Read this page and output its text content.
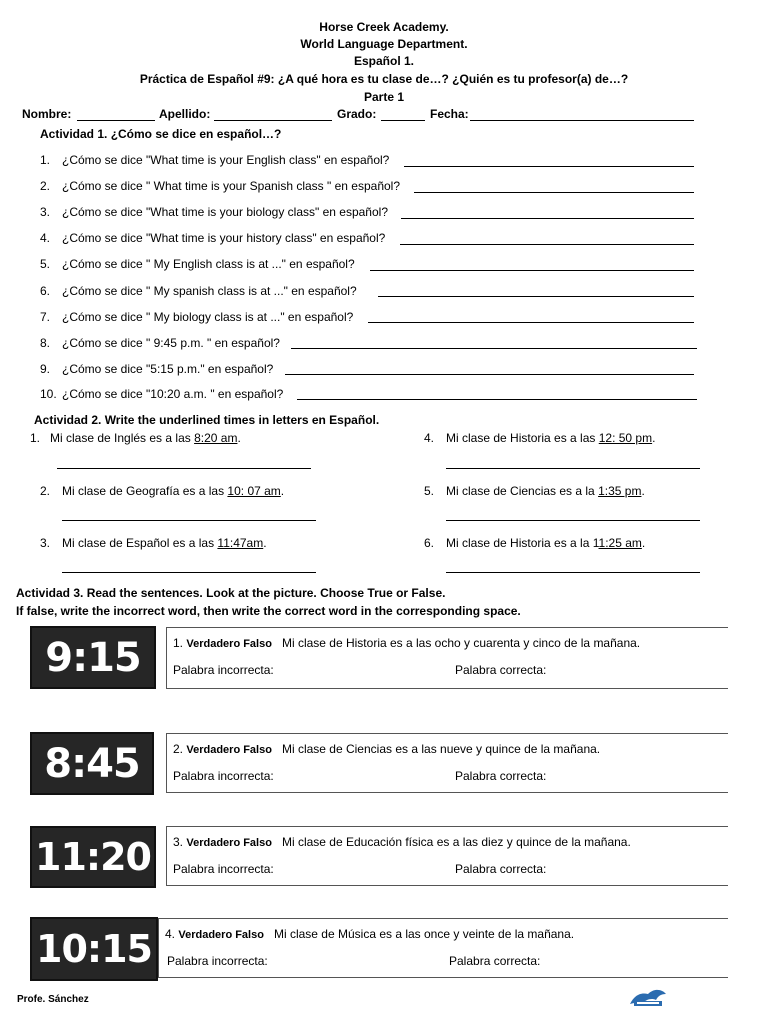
Horse Creek Academy.
World Language Department.
Español 1.
Práctica de Español #9: ¿A qué hora es tu clase de…? ¿Quién es tu profesor(a) de…?
Parte 1
Nombre:	Apellido:	Grado:	Fecha:
Actividad 1. ¿Cómo se dice en español…?
1. ¿Cómo se dice "What time is your English class" en español?
2. ¿Cómo se dice " What time is your Spanish class " en español?
3. ¿Cómo se dice "What time is your biology class" en español?
4. ¿Cómo se dice "What time is your history class" en español?
5. ¿Cómo se dice " My English class is at ..." en español?
6. ¿Cómo se dice " My spanish class is at ..." en español?
7. ¿Cómo se dice " My biology class is at ..." en español?
8. ¿Cómo se dice " 9:45 p.m. " en español?
9. ¿Cómo se dice "5:15 p.m." en español?
10. ¿Cómo se dice "10:20 a.m. " en español?
Actividad 2. Write the underlined times in letters en Español.
1. Mi clase de Inglés es a las 8:20 am.
2. Mi clase de Geografía es a las 10: 07 am.
3. Mi clase de Español es a las 11:47am.
4. Mi clase de Historia es a las 12: 50 pm.
5. Mi clase de Ciencias es a la 1:35 pm.
6. Mi clase de Historia es a la 11:25 am.
Actividad 3. Read the sentences. Look at the picture. Choose True or False.
If false, write the incorrect word, then write the correct word in the corresponding space.
9:15	1. Verdadero Falso Mi clase de Historia es a las ocho y cuarenta y cinco de la mañana.
Palabra incorrecta:	Palabra correcta:
8:45	2. Verdadero Falso Mi clase de Ciencias es a las nueve y quince de la mañana.
Palabra incorrecta:	Palabra correcta:
11:20 3. Verdadero Falso Mi clase de Educación física es a las diez y quince de la mañana.
Palabra incorrecta:	Palabra correcta:
10:15 4. Verdadero Falso Mi clase de Música es a las once y veinte de la mañana.
Palabra incorrecta:	Palabra correcta:
Profe. Sánchez
